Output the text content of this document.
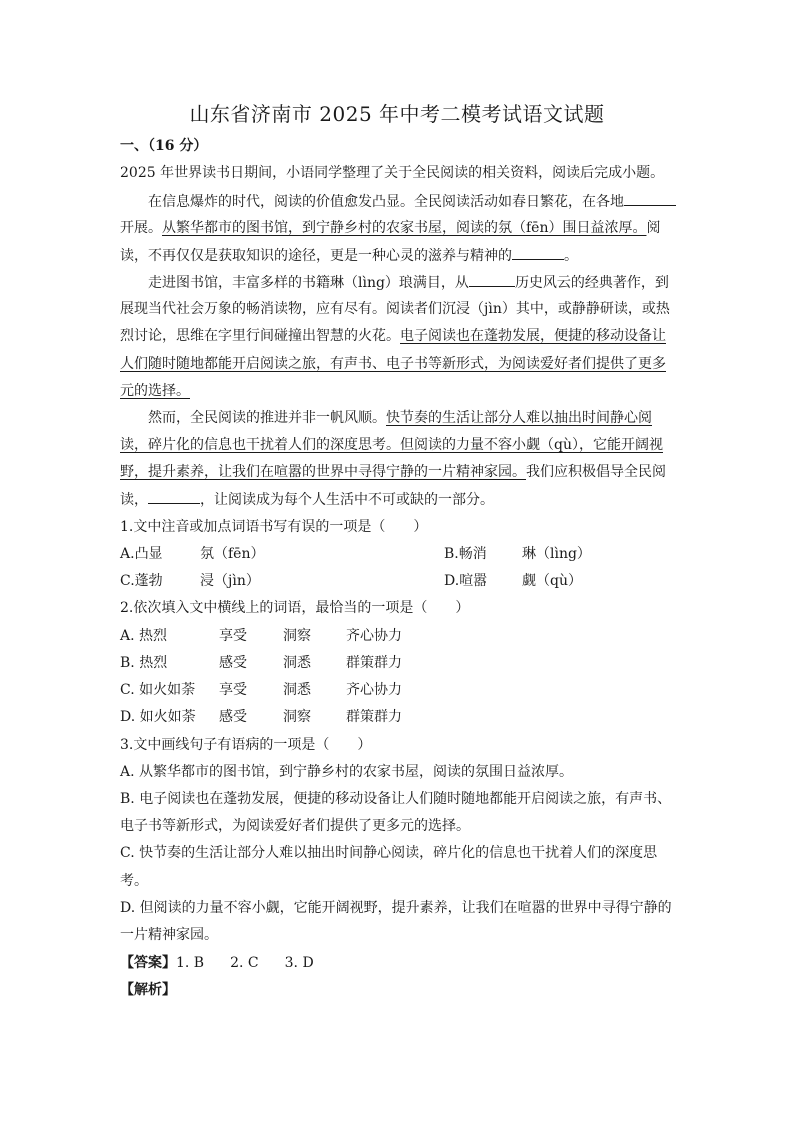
山东省济南市 2025 年中考二模考试语文试题
一、（16 分）
2025 年世界读书日期间，小语同学整理了关于全民阅读的相关资料，阅读后完成小题。
在信息爆炸的时代，阅读的价值愈发凸显。全民阅读活动如春日繁花，在各地
开展。从繁华都市的图书馆，到宁静乡村的农家书屋，阅读的氛（fēn）围日益浓厚。阅
读，不再仅仅是获取知识的途径，更是一种心灵的滋养与精神的	。
走进图书馆，丰富多样的书籍琳（lìng）琅满目，从	历史风云的经典著作，到
展现当代社会万象的畅消读物，应有尽有。阅读者们沉浸（jìn）其中，或静静研读，或热
烈讨论，思维在字里行间碰撞出智慧的火花。电子阅读也在蓬勃发展，便捷的移动设备让
人们随时随地都能开启阅读之旅，有声书、电子书等新形式，为阅读爱好者们提供了更多
元的选择。
然而，全民阅读的推进并非一帆风顺。快节奏的生活让部分人难以抽出时间静心阅
读，碎片化的信息也干扰着人们的深度思考。但阅读的力量不容小觑（qù），它能开阔视
野，提升素养，让我们在喧嚣的世界中寻得宁静的一片精神家园。我们应积极倡导全民阅
读，	，让阅读成为每个人生活中不可或缺的一部分。
1.文中注音或加点词语书写有误的一项是（　　）
A.凸显	氛（fēn）	B.畅消	琳（lìng）
C.蓬勃	浸（jìn）	D.喧嚣 觑（qù）
2.依次填入文中横线上的词语，最恰当的一项是（　　）
A. 热烈	享受	洞察	齐心协力
B. 热烈	感受	洞悉	群策群力
C. 如火如荼 享受	洞悉	齐心协力
D. 如火如荼 感受	洞察	群策群力
3.文中画线句子有语病的一项是（　　）
A. 从繁华都市的图书馆，到宁静乡村的农家书屋，阅读的氛围日益浓厚。
B. 电子阅读也在蓬勃发展，便捷的移动设备让人们随时随地都能开启阅读之旅，有声书、
电子书等新形式，为阅读爱好者们提供了更多元的选择。
C. 快节奏的生活让部分人难以抽出时间静心阅读，碎片化的信息也干扰着人们的深度思
考。
D. 但阅读的力量不容小觑，它能开阔视野，提升素养，让我们在喧嚣的世界中寻得宁静的
一片精神家园。
【答案】1. B 2. C 3. D
【解析】
